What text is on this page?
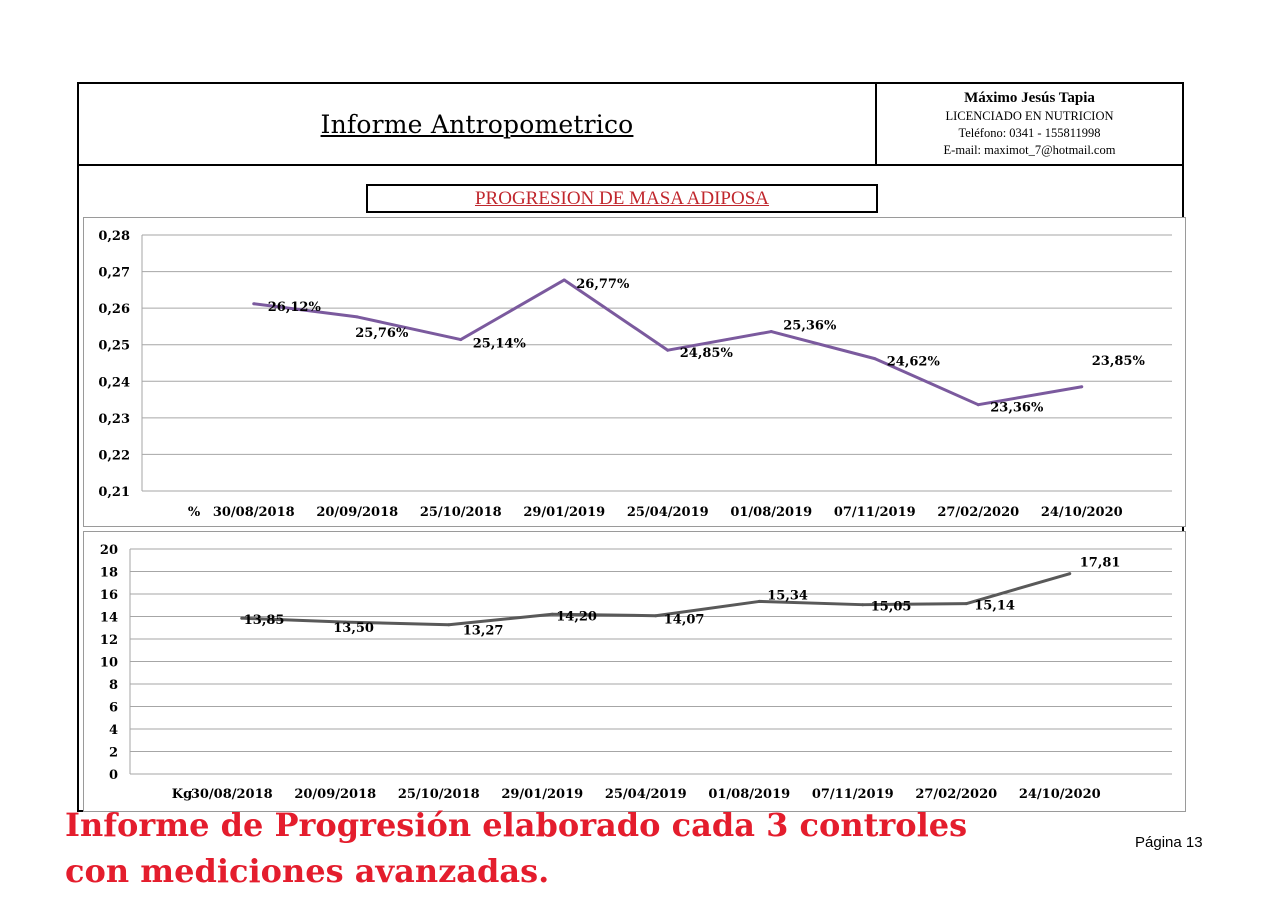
Informe Antropometrico
Máximo Jesús Tapia
LICENCIADO EN NUTRICION
Teléfono: 0341 - 155811998
E-mail: maximot_7@hotmail.com
PROGRESION DE MASA ADIPOSA
0,21
0,22
0,23
0,24
0,25
0,26
0,27
0,28
% 30/08/2018 20/09/2018 25/10/2018 29/01/2019 25/04/2019 01/08/2019 07/11/2019 27/02/2020 24/10/2020
26,12%
25,76%
25,14%
26,77%
24,85%
25,36%
24,62%
23,36%
23,85%
0
2
4
6
8
10
12
14
16
18
20
Kg
30/08/2018 20/09/2018 25/10/2018 29/01/2019 25/04/2019 01/08/2019 07/11/2019 27/02/2020 24/10/2020
13,85
13,50	13,27
14,20	14,07
15,34
15,05	15,14
17,81
Informe de Progresión elaborado cada 3 controles con mediciones avanzadas.
Página 13
